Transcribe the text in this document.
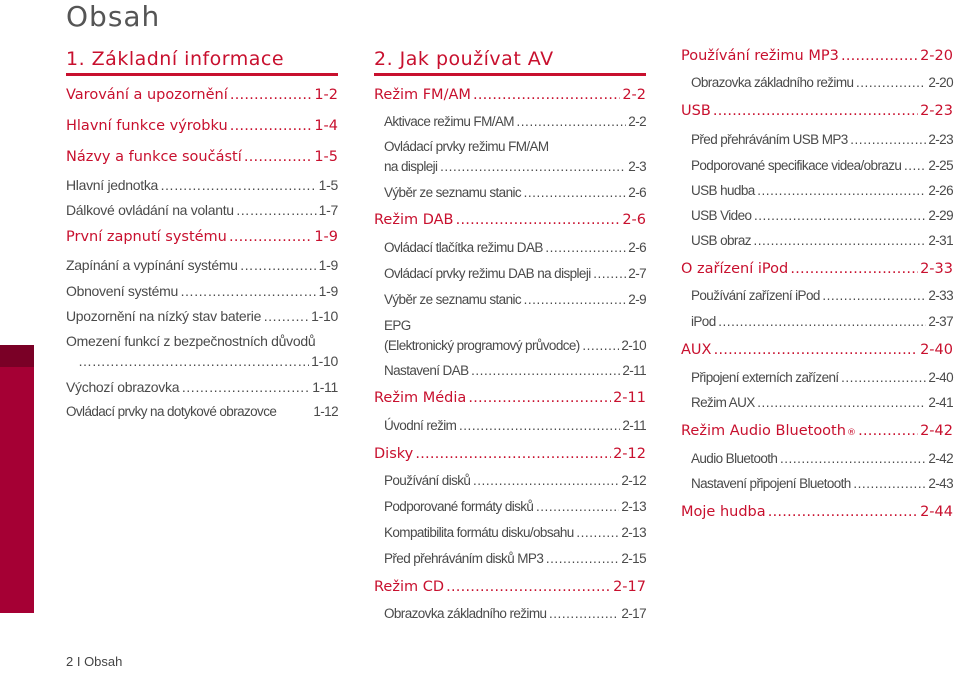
Obsah
2 I Obsah
1. Základní informace
Varování a upozornění …………………………………………………………………………………………………………………………	1-2
Hlavní funkce výrobku …………………………………………………………………………………………………………………………	1-4
Názvy a funkce součástí …………………………………………………………………………………………………………………………	1-5
Hlavní jednotka …………………………………………………………………………………………………………………………	1-5
Dálkové ovládání na volantu …………………………………………………………………………………………………………………………	1-7
První zapnutí systému …………………………………………………………………………………………………………………………	1-9
Zapínání a vypínání systému …………………………………………………………………………………………………………………………	1-9
Obnovení systému …………………………………………………………………………………………………………………………	1-9
Upozornění na nízký stav baterie …………………………………………………………………………………………………………………………	1-10
Omezení funkcí z bezpečnostních důvodů
…………………………………………………………………………………………………………………………
1-10
Výchozí obrazovka …………………………………………………………………………………………………………………………	1-11
Ovládací prvky na dotykové obrazovce	1-12
2. Jak používat AV
Režim FM/AM …………………………………………………………………………………………………………………………	2-2
Aktivace režimu FM/AM …………………………………………………………………………………………………………………………	2-2
Ovládací prvky režimu FM/AM
na displeji …………………………………………………………………………………………………………………………	2-3
Výběr ze seznamu stanic …………………………………………………………………………………………………………………………	2-6
Režim DAB …………………………………………………………………………………………………………………………	2-6
Ovládací tlačítka režimu DAB …………………………………………………………………………………………………………………………	2-6
Ovládací prvky režimu DAB na displeji …………………………………………………………………………………………………………………………	2-7
Výběr ze seznamu stanic …………………………………………………………………………………………………………………………	2-9
EPG
(Elektronický programový průvodce) …………………………………………………………………………………………………………………………	2-10
Nastavení DAB …………………………………………………………………………………………………………………………	2-11
Režim Média …………………………………………………………………………………………………………………………	2-11
Úvodní režim …………………………………………………………………………………………………………………………	2-11
Disky …………………………………………………………………………………………………………………………	2-12
Používání disků …………………………………………………………………………………………………………………………	2-12
Podporované formáty disků …………………………………………………………………………………………………………………………	2-13
Kompatibilita formátu disku/obsahu …………………………………………………………………………………………………………………………	2-13
Před přehráváním disků MP3 …………………………………………………………………………………………………………………………	2-15
Režim CD …………………………………………………………………………………………………………………………	2-17
Obrazovka základního režimu …………………………………………………………………………………………………………………………	2-17
Používání režimu MP3 …………………………………………………………………………………………………………………………	2-20
Obrazovka základního režimu …………………………………………………………………………………………………………………………	2-20
USB …………………………………………………………………………………………………………………………	2-23
Před přehráváním USB MP3 …………………………………………………………………………………………………………………………	2-23
Podporované specifikace videa/obrazu ………………………………………………………………………………………………………………………… 2-25
USB hudba …………………………………………………………………………………………………………………………	2-26
USB Video …………………………………………………………………………………………………………………………	2-29
USB obraz …………………………………………………………………………………………………………………………	2-31
O zařízení iPod …………………………………………………………………………………………………………………………	2-33
Používání zařízení iPod …………………………………………………………………………………………………………………………	2-33
iPod …………………………………………………………………………………………………………………………	2-37
AUX …………………………………………………………………………………………………………………………	2-40
Připojení externích zařízení …………………………………………………………………………………………………………………………	2-40
Režim AUX …………………………………………………………………………………………………………………………	2-41
Režim Audio Bluetooth ® …………………………………………………………………………………………………………………………	2-42
Audio Bluetooth …………………………………………………………………………………………………………………………	2-42
Nastavení připojení Bluetooth …………………………………………………………………………………………………………………………	2-43
Moje hudba …………………………………………………………………………………………………………………………	2-44
